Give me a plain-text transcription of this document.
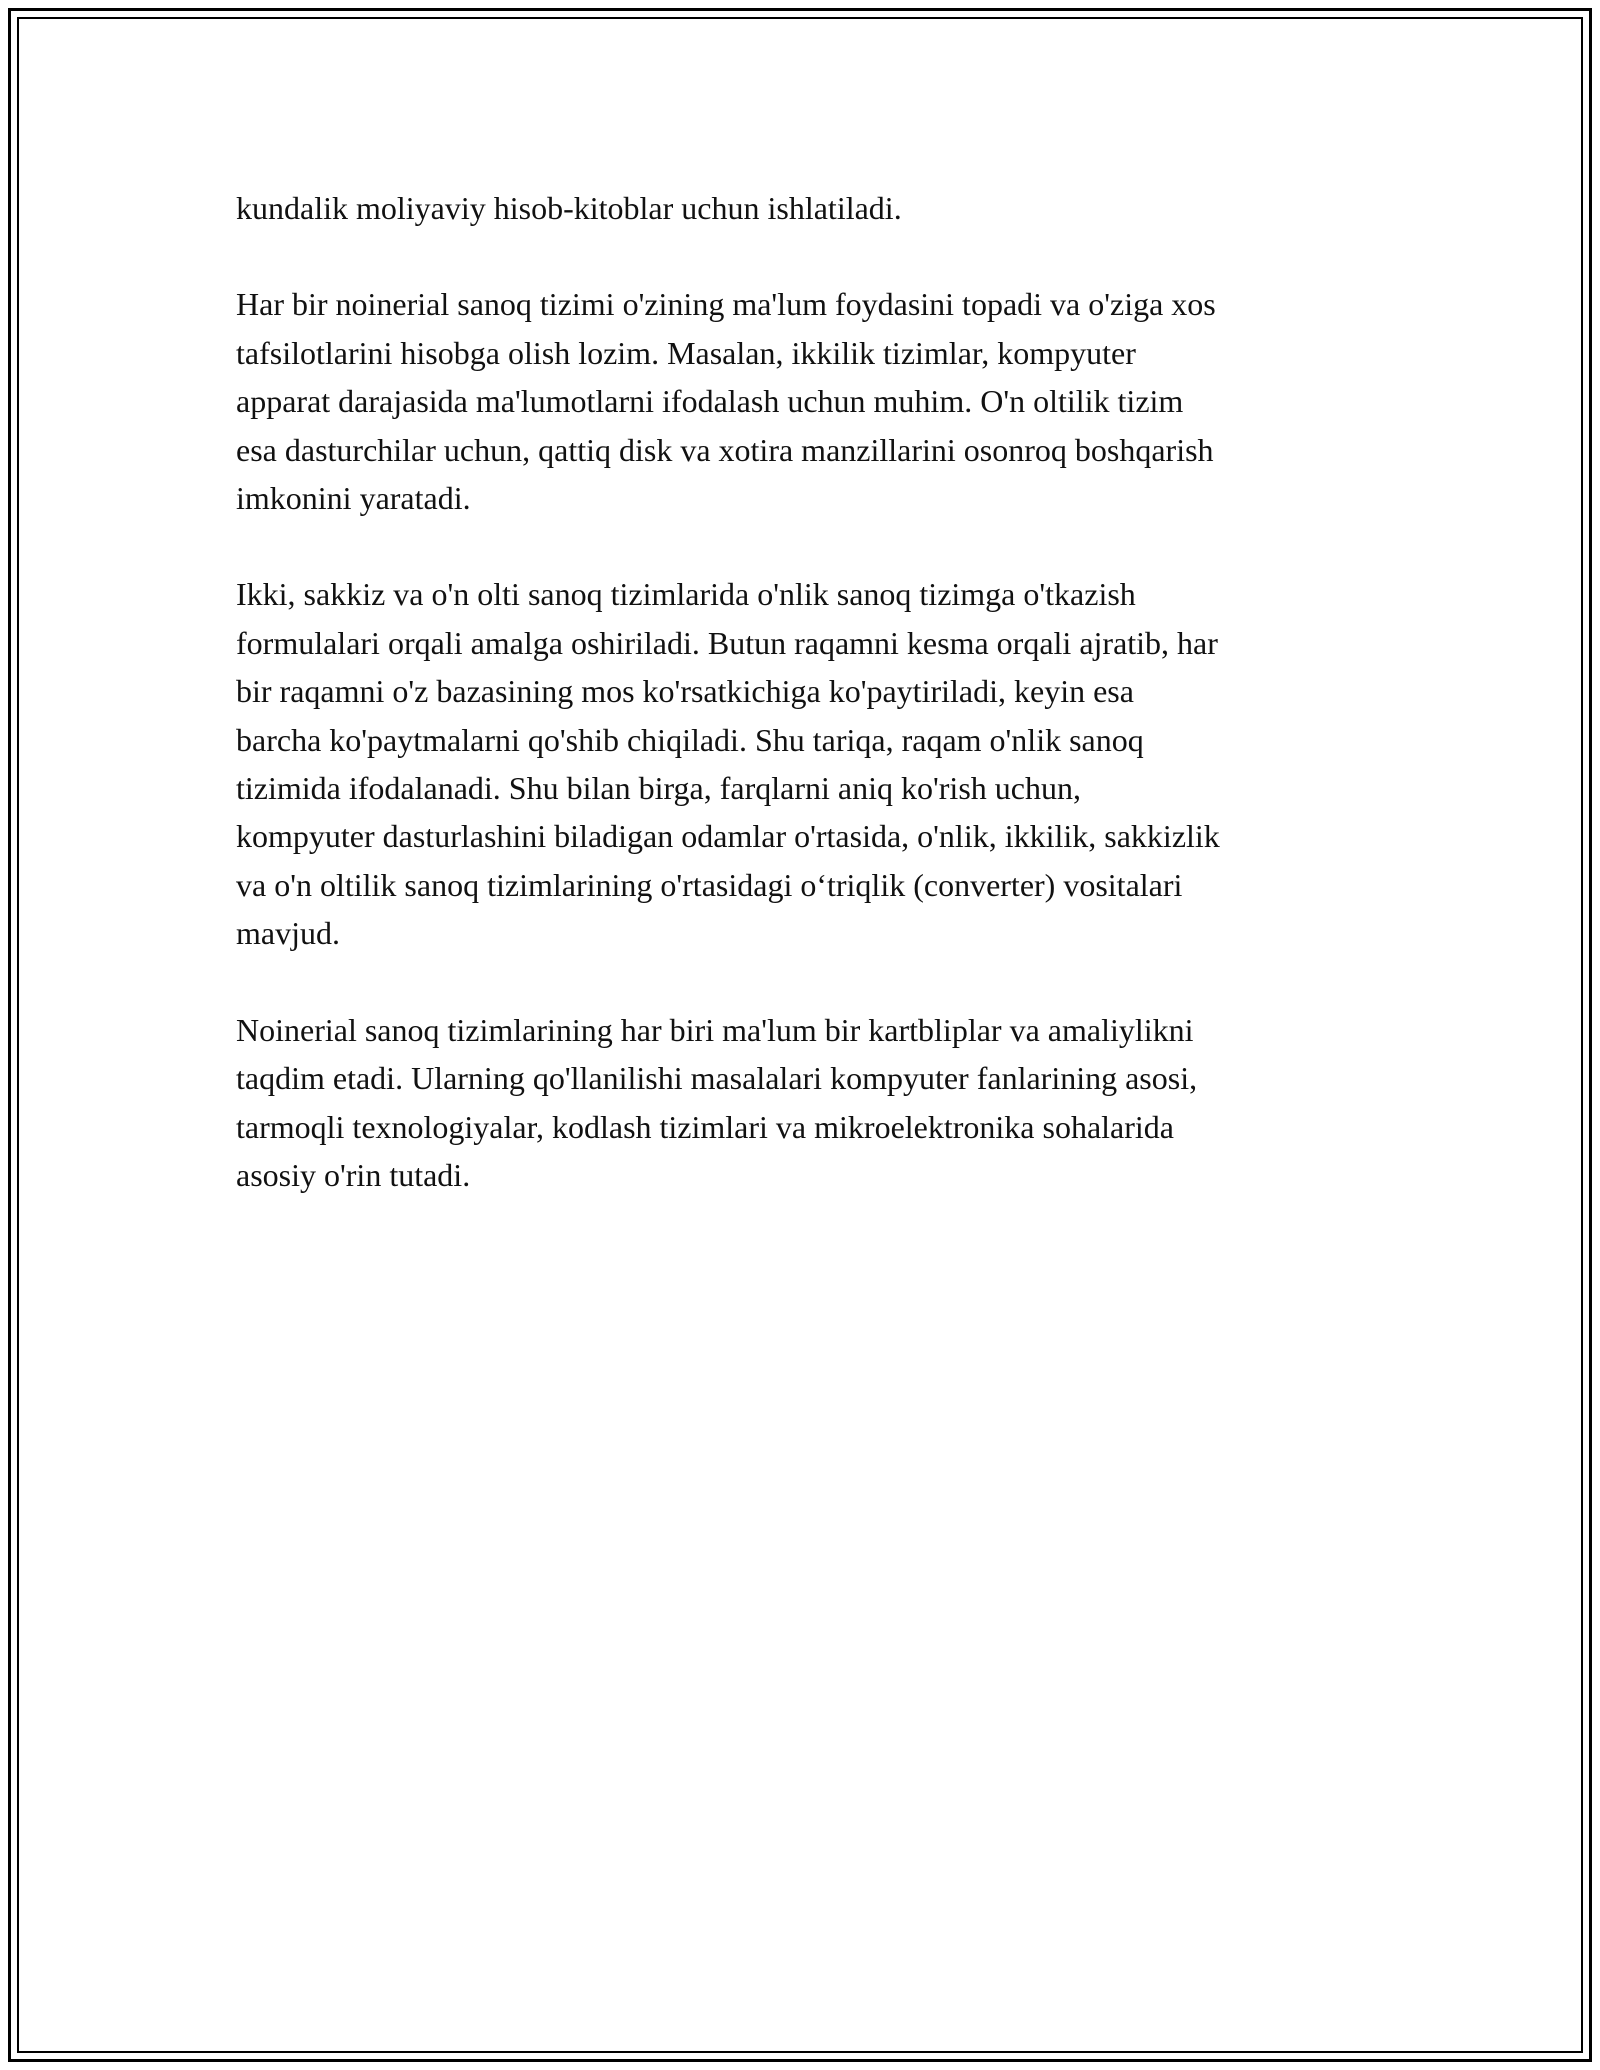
kundalik moliyaviy hisob-kitoblar uchun ishlatiladi.

Har bir noinerial sanoq tizimi o'zining ma'lum foydasini topadi va o'ziga xos
tafsilotlarini hisobga olish lozim. Masalan, ikkilik tizimlar, kompyuter
apparat darajasida ma'lumotlarni ifodalash uchun muhim. O'n oltilik tizim
esa dasturchilar uchun, qattiq disk va xotira manzillarini osonroq boshqarish
imkonini yaratadi.

Ikki, sakkiz va o'n olti sanoq tizimlarida o'nlik sanoq tizimga o'tkazish
formulalari orqali amalga oshiriladi. Butun raqamni kesma orqali ajratib, har
bir raqamni o'z bazasining mos ko'rsatkichiga ko'paytiriladi, keyin esa
barcha ko'paytmalarni qo'shib chiqiladi. Shu tariqa, raqam o'nlik sanoq
tizimida ifodalanadi. Shu bilan birga, farqlarni aniq ko'rish uchun,
kompyuter dasturlashini biladigan odamlar o'rtasida, o'nlik, ikkilik, sakkizlik
va o'n oltilik sanoq tizimlarining o'rtasidagi o‘triqlik (converter) vositalari
mavjud.

Noinerial sanoq tizimlarining har biri ma'lum bir kartbliplar va amaliylikni
taqdim etadi. Ularning qo'llanilishi masalalari kompyuter fanlarining asosi,
tarmoqli texnologiyalar, kodlash tizimlari va mikroelektronika sohalarida
asosiy o'rin tutadi.
